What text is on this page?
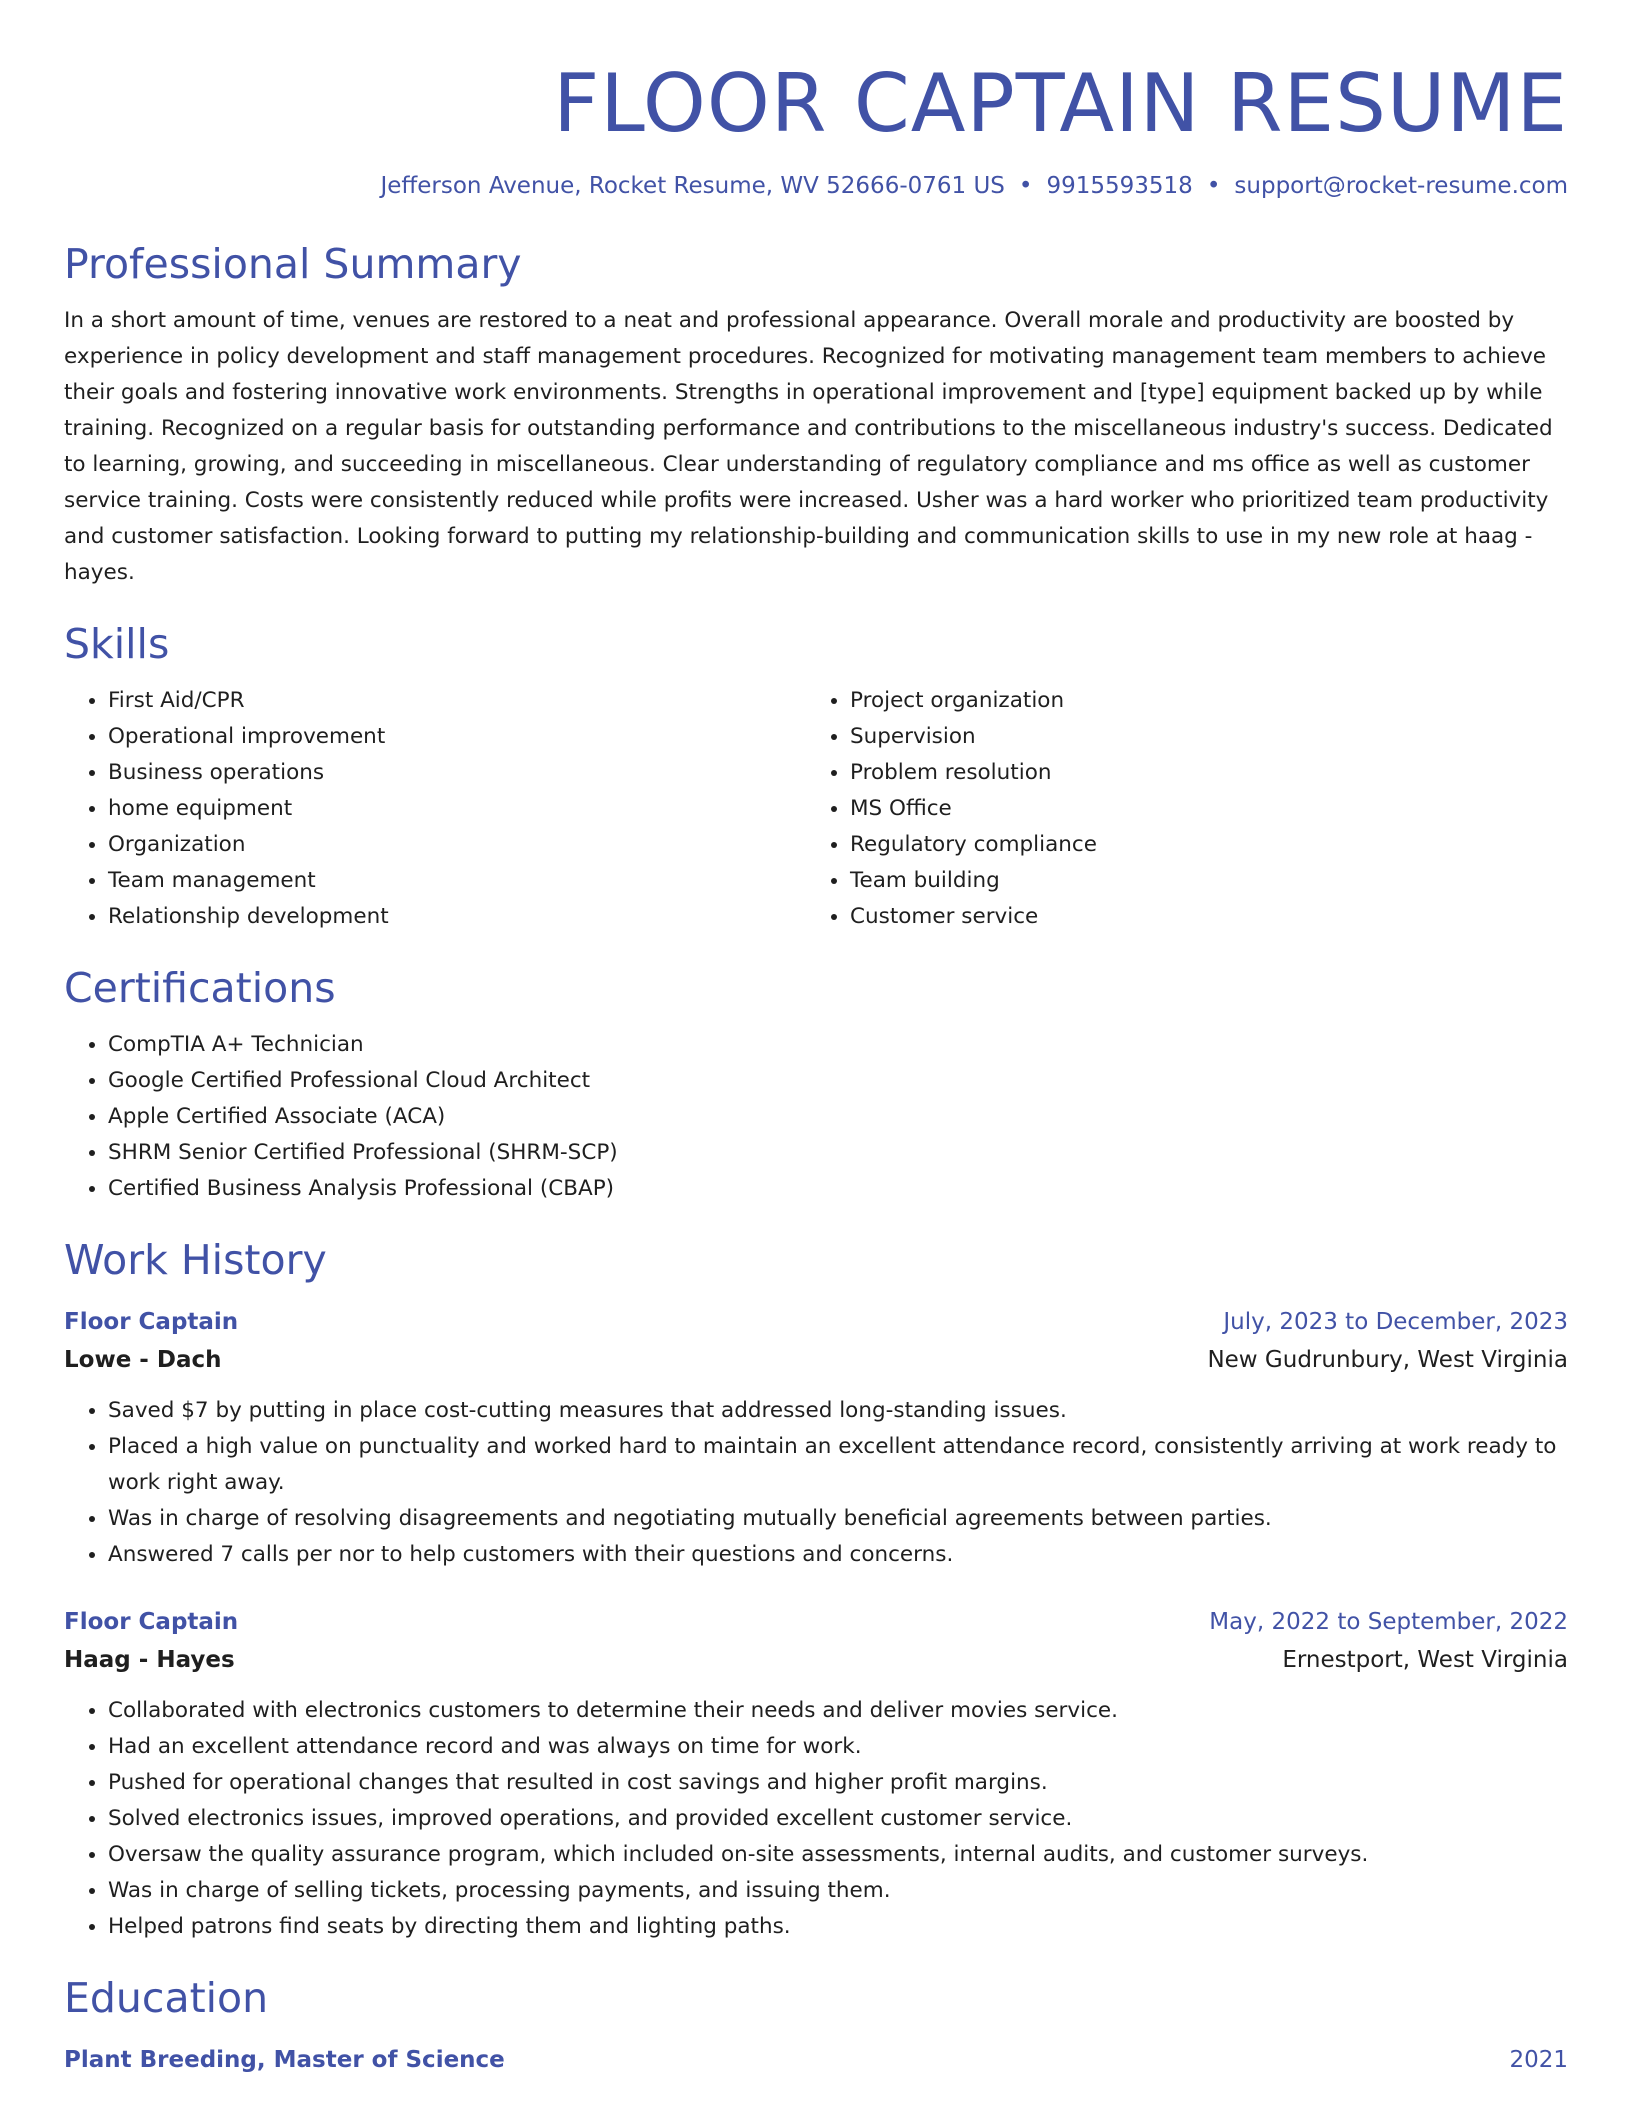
FLOOR CAPTAIN RESUME
Jefferson Avenue, Rocket Resume, WV 52666-0761 US • 9915593518 • support@rocket-resume.com
Professional Summary

In a short amount of time, venues are restored to a neat and professional appearance. Overall morale and productivity are boosted by experience in policy development and staff management procedures. Recognized for motivating management team members to achieve their goals and fostering innovative work environments. Strengths in operational improvement and [type] equipment backed up by while training. Recognized on a regular basis for outstanding performance and contributions to the miscellaneous industry's success. Dedicated to learning, growing, and succeeding in miscellaneous. Clear understanding of regulatory compliance and ms office as well as customer service training. Costs were consistently reduced while profits were increased. Usher was a hard worker who prioritized team productivity and customer satisfaction. Looking forward to putting my relationship-building and communication skills to use in my new role at haag - hayes.

Skills
• First Aid/CPR
• Operational improvement
• Business operations
• home equipment
• Organization
• Team management
• Relationship development
• Project organization
• Supervision
• Problem resolution
• MS Office
• Regulatory compliance
• Team building
• Customer service
Certifications
• CompTIA A+ Technician
• Google Certified Professional Cloud Architect
• Apple Certified Associate (ACA)
• SHRM Senior Certified Professional (SHRM-SCP)
• Certified Business Analysis Professional (CBAP)
Work History
Floor Captain	July, 2023 to December, 2023
Lowe - Dach	New Gudrunbury, West Virginia
• Saved $7 by putting in place cost-cutting measures that addressed long-standing issues.
• Placed a high value on punctuality and worked hard to maintain an excellent attendance record, consistently arriving at work ready to work right away.
• Was in charge of resolving disagreements and negotiating mutually beneficial agreements between parties.
• Answered 7 calls per nor to help customers with their questions and concerns.
Floor Captain	May, 2022 to September, 2022
Haag - Hayes	Ernestport, West Virginia
• Collaborated with electronics customers to determine their needs and deliver movies service.
• Had an excellent attendance record and was always on time for work.
• Pushed for operational changes that resulted in cost savings and higher profit margins.
• Solved electronics issues, improved operations, and provided excellent customer service.
• Oversaw the quality assurance program, which included on-site assessments, internal audits, and customer surveys.
• Was in charge of selling tickets, processing payments, and issuing them.
• Helped patrons find seats by directing them and lighting paths.
Education
Plant Breeding, Master of Science	2021
